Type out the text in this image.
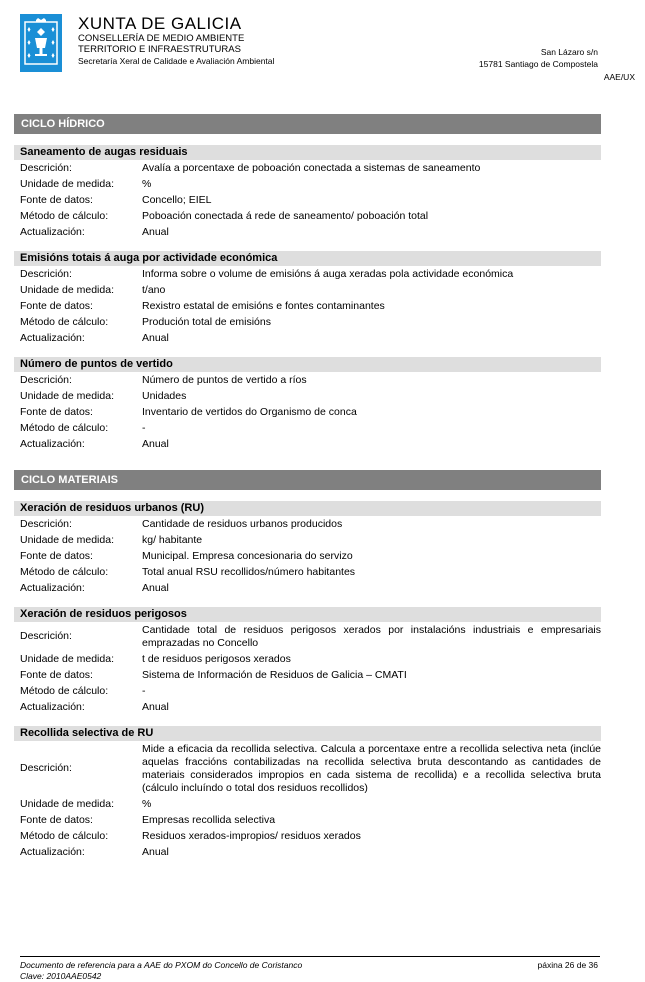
XUNTA DE GALICIA
CONSELLERÍA DE MEDIO AMBIENTE
TERRITORIO E INFRAESTRUTURAS
Secretaría Xeral de Calidade e Avaliación Ambiental
San Lázaro s/n
15781 Santiago de Compostela
AAE/UX
CICLO HÍDRICO
Saneamento de augas residuais
Descrición:	Avalía a porcentaxe de poboación conectada a sistemas de saneamento
Unidade de medida:	%
Fonte de datos:	Concello; EIEL
Método de cálculo:	Poboación conectada á rede de saneamento/ poboación total
Actualización:	Anual
Emisións totais á auga por actividade económica
Descrición:	Informa sobre o volume de emisións á auga xeradas pola actividade económica
Unidade de medida:	t/ano
Fonte de datos:	Rexistro estatal de emisións e fontes contaminantes
Método de cálculo:	Produción total de emisións
Actualización:	Anual
Número de puntos de vertido
Descrición:	Número de puntos de vertido a ríos
Unidade de medida:	Unidades
Fonte de datos:	Inventario de vertidos do Organismo de conca
Método de cálculo:	-
Actualización:	Anual
CICLO MATERIAIS
Xeración de residuos urbanos (RU)
Descrición:	Cantidade de residuos urbanos producidos
Unidade de medida:	kg/ habitante
Fonte de datos:	Municipal. Empresa concesionaria do servizo
Método de cálculo:	Total anual RSU recollidos/número habitantes
Actualización:	Anual
Xeración de residuos perigosos
Descrición:
Cantidade total de residuos perigosos xerados por instalacións industriais e empresariais emprazadas no Concello
Unidade de medida:	t de residuos perigosos xerados
Fonte de datos:	Sistema de Información de Residuos de Galicia – CMATI
Método de cálculo:	-
Actualización:	Anual
Recollida selectiva de RU
Descrición:
Mide a eficacia da recollida selectiva. Calcula a porcentaxe entre a recollida selectiva neta (inclúe aquelas fraccións contabilizadas na recollida selectiva bruta descontando as cantidades de materiais considerados impropios en cada sistema de recollida) e a recollida selectiva bruta (cálculo incluíndo o total dos residuos recollidos)
Unidade de medida:	%
Fonte de datos:	Empresas recollida selectiva
Método de cálculo:	Residuos xerados-impropios/ residuos xerados
Actualización:	Anual
Documento de referencia para a AAE do PXOM do Concello de Coristanco
Clave: 2010AAE0542
páxina 26 de 36
